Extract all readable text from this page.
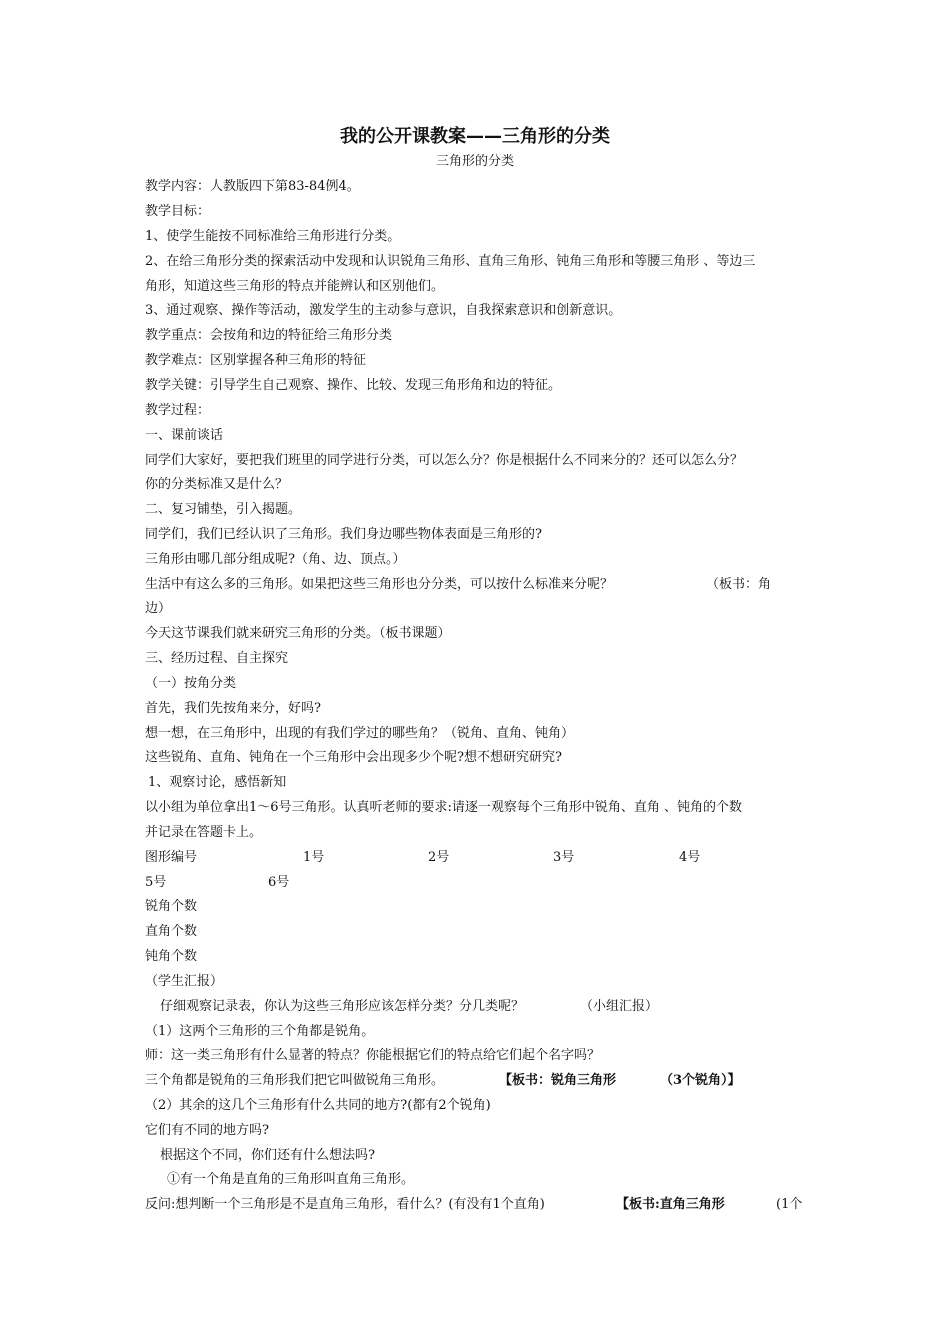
我的公开课教案——三角形的分类
三角形的分类
教学内容：人教版四下第83-84例4。
教学目标：
1、使学生能按不同标准给三角形进行分类。
2、在给三角形分类的探索活动中发现和认识锐角三角形、直角三角形、钝角三角形和等腰三角形 、等边三
角形，知道这些三角形的特点并能辨认和区别他们。
3、通过观察、操作等活动，激发学生的主动参与意识，自我探索意识和创新意识。
教学重点：会按角和边的特征给三角形分类
教学难点：区别掌握各种三角形的特征
教学关键：引导学生自己观察、操作、比较、发现三角形角和边的特征。
教学过程：
一、课前谈话
同学们大家好，要把我们班里的同学进行分类，可以怎么分？你是根据什么不同来分的？还可以怎么分？
你的分类标准又是什么？
二、复习铺垫，引入揭题。
同学们，我们已经认识了三角形。我们身边哪些物体表面是三角形的?
三角形由哪几部分组成呢?（角、边、顶点。）
生活中有这么多的三角形。如果把这些三角形也分分类，可以按什么标准来分呢？	（板书：角
边）
今天这节课我们就来研究三角形的分类。（板书课题）
三、经历过程、自主探究
（一）按角分类
首先，我们先按角来分，好吗?
想一想，在三角形中，出现的有我们学过的哪些角？（锐角、直角、钝角）
这些锐角、直角、钝角在一个三角形中会出现多少个呢?想不想研究研究?
1、观察讨论，感悟新知
以小组为单位拿出1～6号三角形。认真听老师的要求:请逐一观察每个三角形中锐角、直角 、钝角的个数
并记录在答题卡上。
图形编号	1号	2号	3号	4号
5号	6号
锐角个数
直角个数
钝角个数
（学生汇报）
仔细观察记录表，你认为这些三角形应该怎样分类？分几类呢？	（小组汇报）
（1）这两个三角形的三个角都是锐角。
师：这一类三角形有什么显著的特点？你能根据它们的特点给它们起个名字吗？
三个角都是锐角的三角形我们把它叫做锐角三角形。	【板书：锐角三角形	（3个锐角）】
（2）其余的这几个三角形有什么共同的地方?(都有2个锐角)
它们有不同的地方吗?
根据这个不同，你们还有什么想法吗?
①有一个角是直角的三角形叫直角三角形。
反问:想判断一个三角形是不是直角三角形，看什么？(有没有1个直角)	【板书:直角三角形	(1个
